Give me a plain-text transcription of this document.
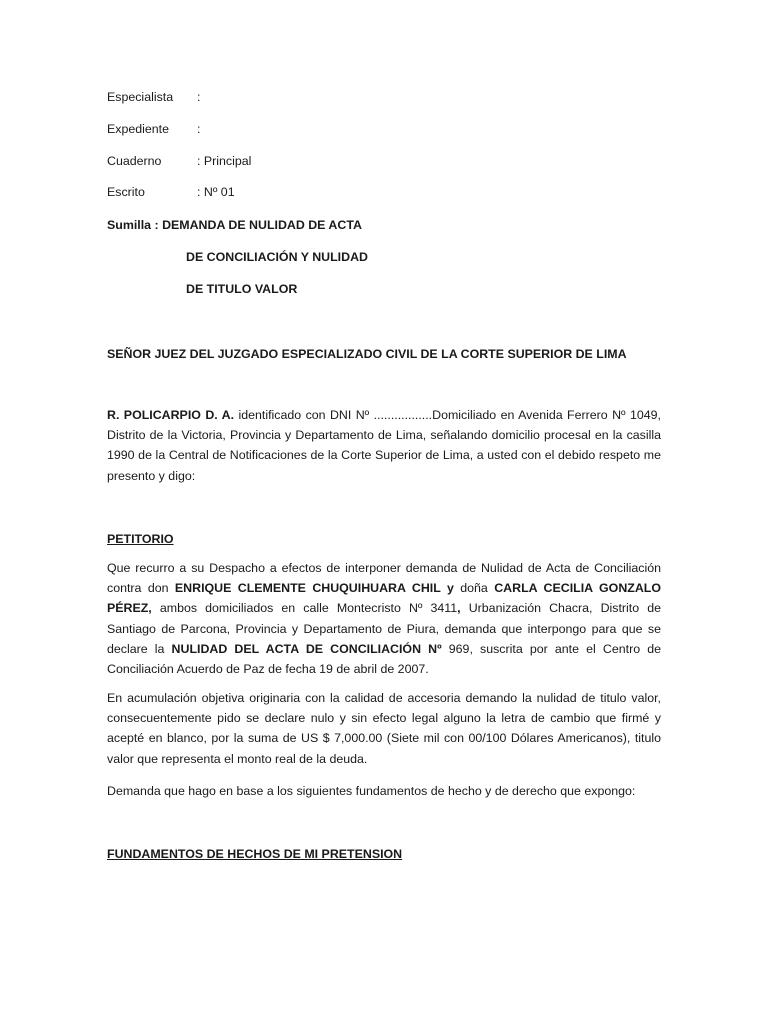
Especialista :
Expediente :
Cuaderno	: Principal
Escrito	: Nº 01
Sumilla : DEMANDA DE NULIDAD DE ACTA
DE CONCILIACIÓN Y NULIDAD
DE TITULO VALOR
SEÑOR JUEZ DEL JUZGADO ESPECIALIZADO CIVIL DE LA CORTE SUPERIOR DE LIMA

R. POLICARPIO D. A. identificado con DNI Nº .................Domiciliado en Avenida Ferrero Nº 1049, Distrito de la Victoria, Provincia y Departamento de Lima, señalando domicilio procesal en la casilla 1990 de la Central de Notificaciones de la Corte Superior de Lima, a usted con el debido respeto me presento y digo:

PETITORIO

Que recurro a su Despacho a efectos de interponer demanda de Nulidad de Acta de Conciliación contra don ENRIQUE CLEMENTE CHUQUIHUARA CHIL y doña CARLA CECILIA GONZALO PÉREZ, ambos domiciliados en calle Montecristo Nº 3411, Urbanización Chacra, Distrito de Santiago de Parcona, Provincia y Departamento de Piura, demanda que interpongo para que se declare la NULIDAD DEL ACTA DE CONCILIACIÓN Nº 969, suscrita por ante el Centro de Conciliación Acuerdo de Paz de fecha 19 de abril de 2007.

En acumulación objetiva originaria con la calidad de accesoria demando la nulidad de titulo valor, consecuentemente pido se declare nulo y sin efecto legal alguno la letra de cambio que firmé y acepté en blanco, por la suma de US $ 7,000.00 (Siete mil con 00/100 Dólares Americanos), titulo valor que representa el monto real de la deuda.

Demanda que hago en base a los siguientes fundamentos de hecho y de derecho que expongo:

FUNDAMENTOS DE HECHOS DE MI PRETENSION
